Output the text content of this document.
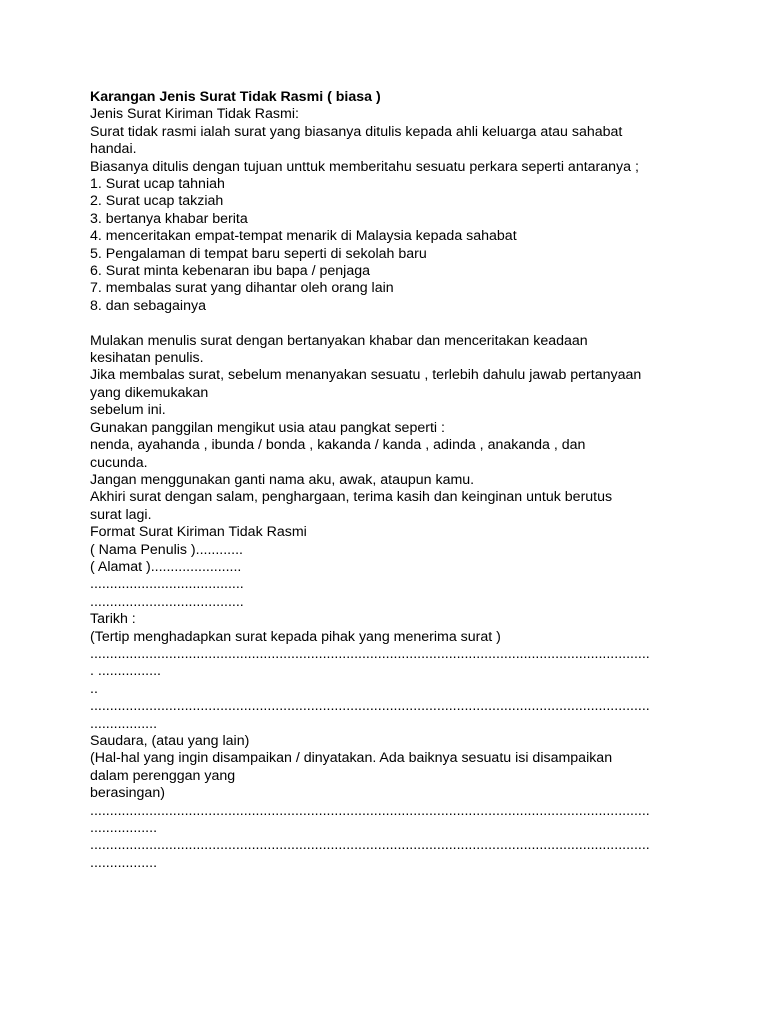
Karangan Jenis Surat Tidak Rasmi ( biasa )
Jenis Surat Kiriman Tidak Rasmi:
Surat tidak rasmi ialah surat yang biasanya ditulis kepada ahli keluarga atau sahabat
handai.
Biasanya ditulis dengan tujuan unttuk memberitahu sesuatu perkara seperti antaranya ;
1. Surat ucap tahniah
2. Surat ucap takziah
3. bertanya khabar berita
4. menceritakan empat-tempat menarik di Malaysia kepada sahabat
5. Pengalaman di tempat baru seperti di sekolah baru
6. Surat minta kebenaran ibu bapa / penjaga
7. membalas surat yang dihantar oleh orang lain
8. dan sebagainya
Mulakan menulis surat dengan bertanyakan khabar dan menceritakan keadaan
kesihatan penulis.
Jika membalas surat, sebelum menanyakan sesuatu , terlebih dahulu jawab pertanyaan
yang dikemukakan
sebelum ini.
Gunakan panggilan mengikut usia atau pangkat seperti :
nenda, ayahanda , ibunda / bonda , kakanda / kanda , adinda , anakanda , dan
cucunda.
Jangan menggunakan ganti nama aku, awak, ataupun kamu.
Akhiri surat dengan salam, penghargaan, terima kasih dan keinginan untuk berutus
surat lagi.
Format Surat Kiriman Tidak Rasmi
( Nama Penulis )............
( Alamat ).......................
.......................................
.......................................
Tarikh :
(Tertip menghadapkan surat kepada pihak yang menerima surat )
..............................................................................................................................................
. ................
..
..............................................................................................................................................
.................
Saudara, (atau yang lain)
(Hal-hal yang ingin disampaikan / dinyatakan. Ada baiknya sesuatu isi disampaikan
dalam perenggan yang
berasingan)
..............................................................................................................................................
.................
..............................................................................................................................................
.................
